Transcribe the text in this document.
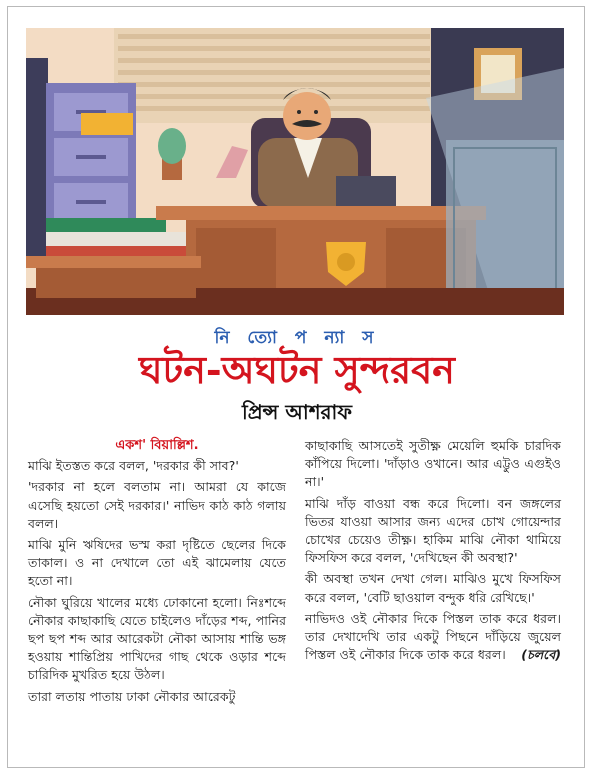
নি ত্যো প ন্যা স
ঘটন-অঘটন সুন্দরবন
প্রিন্স আশরাফ

একশ' বিয়াল্লিশ.

মাঝি ইতস্তত করে বলল, 'দরকার কী সাব?'

'দরকার না হলে বলতাম না। আমরা যে কাজে এসেছি হয়তো সেই দরকার।' নাভিদ কাঠ কাঠ গলায় বলল।

মাঝি মুনি ঋষিদের ভস্ম করা দৃষ্টিতে ছেলের দিকে তাকাল। ও না দেখালে তো এই ঝামেলায় যেতে হতো না।

নৌকা ঘুরিয়ে খালের মধ্যে ঢোকানো হলো। নিঃশব্দে নৌকার কাছাকাছি যেতে চাইলেও দাঁড়ের শব্দ, পানির ছপ ছপ শব্দ আর আরেকটা নৌকা আসায় শান্তি ভঙ্গ হওয়ায় শান্তিপ্রিয় পাখিদের গাছ থেকে ওড়ার শব্দে চারিদিক মুখরিত হয়ে উঠল।

তারা লতায় পাতায় ঢাকা নৌকার আরেকটু

কাছাকাছি আসতেই সুতীক্ষ্ণ মেয়েলি হুমকি চারদিক কাঁপিয়ে দিলো। 'দাঁড়াও ওখানে। আর এট্টুও এগুইও না।'

মাঝি দাঁড় বাওয়া বন্ধ করে দিলো। বন জঙ্গলের ভিতর যাওয়া আসার জন্য এদের চোখ গোয়েন্দার চোখের চেয়েও তীক্ষ্ণ। হাকিম মাঝি নৌকা থামিয়ে ফিসফিস করে বলল, 'দেখিছেন কী অবস্থা?'

কী অবস্থা তখন দেখা গেল। মাঝিও মুখে ফিসফিস করে বলল, 'বেটি ছাওয়াল বন্দুক ধরি রেখিছে।'

নাভিদও ওই নৌকার দিকে পিস্তল তাক করে ধরল। তার দেখাদেখি তার একটু পিছনে দাঁড়িয়ে জুয়েল পিস্তল ওই নৌকার দিকে তাক করে ধরল। (চলবে)
